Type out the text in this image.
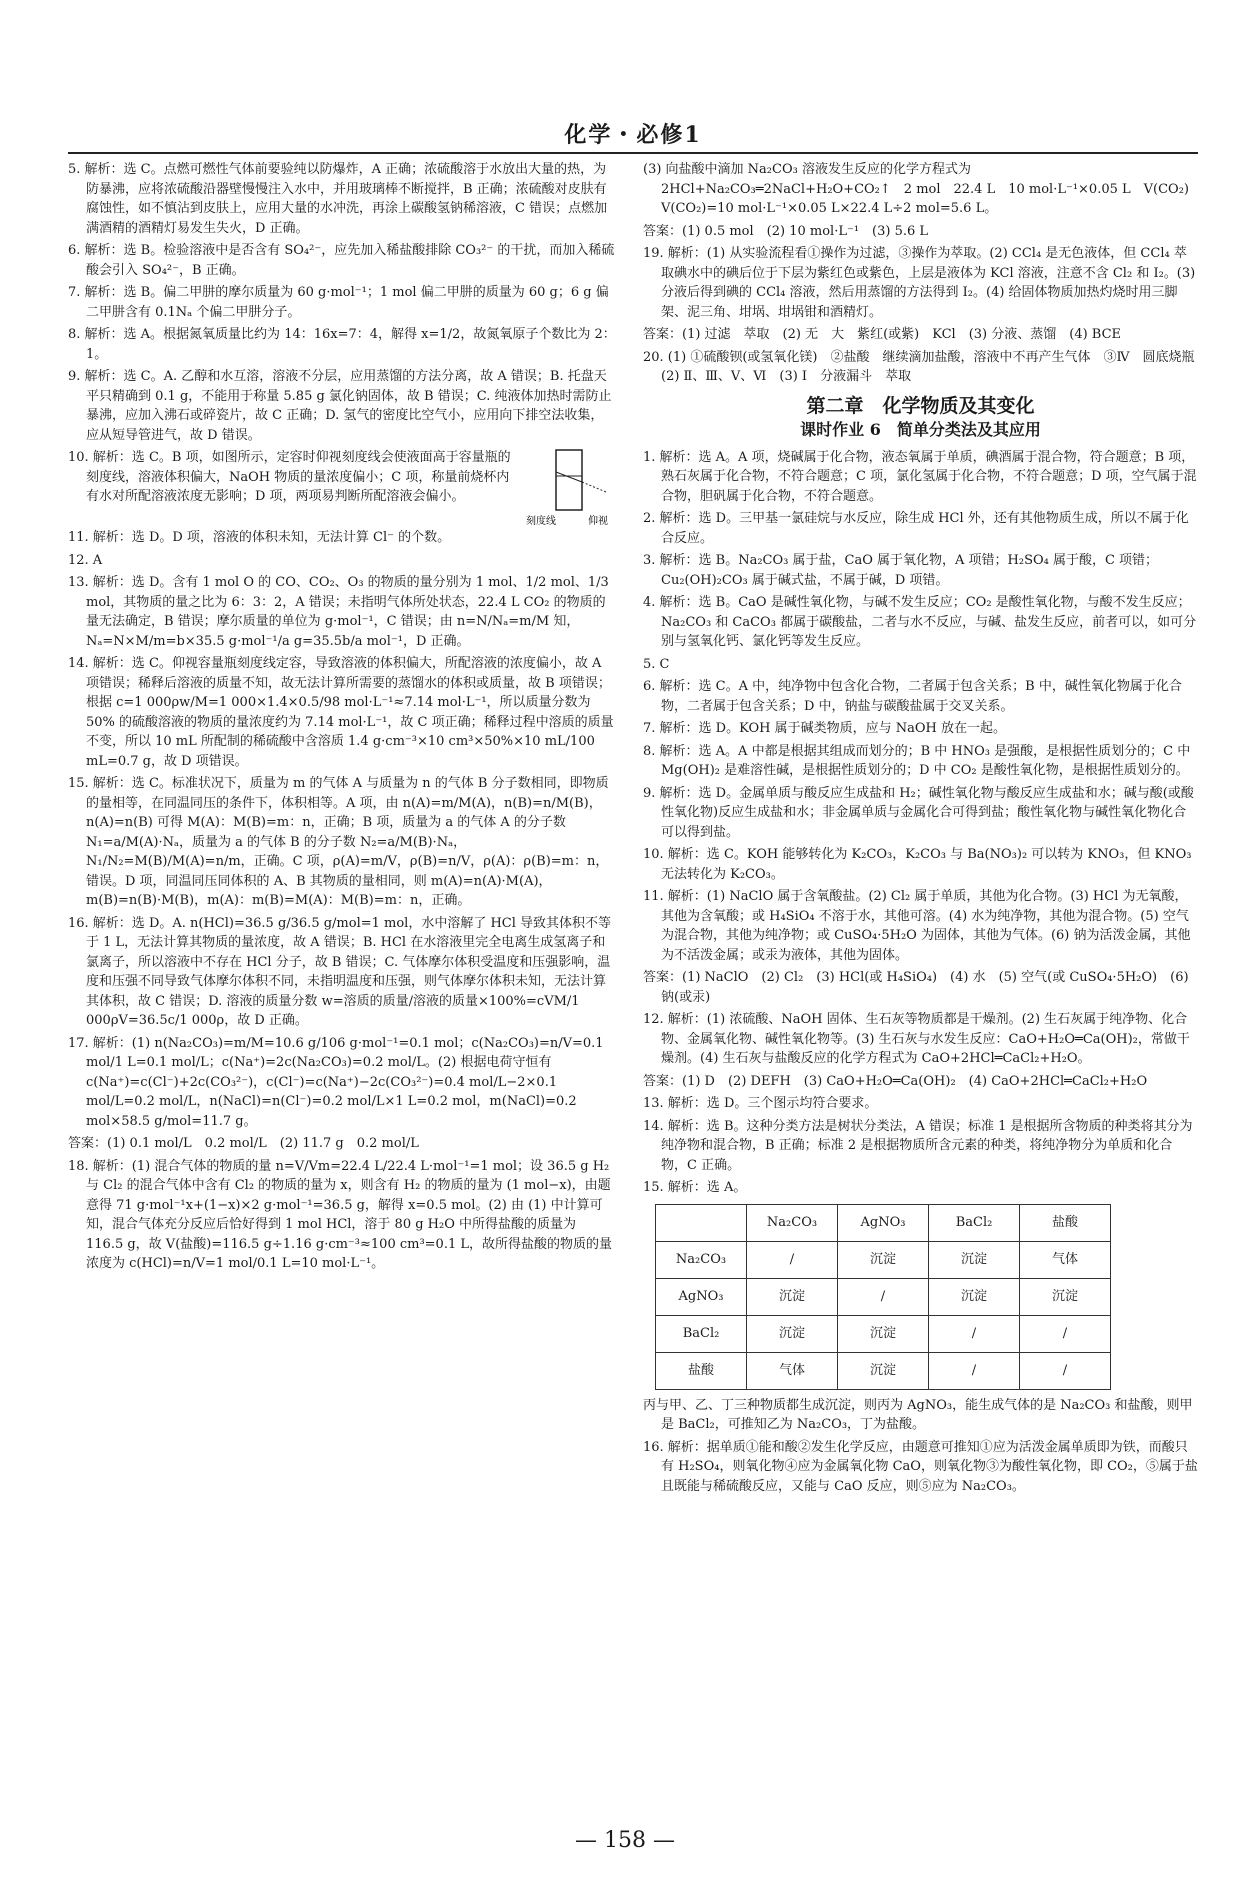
化学・必修1

5. 解析：选 C。点燃可燃性气体前要验纯以防爆炸，A 正确；浓硫酸溶于水放出大量的热，为防暴沸，应将浓硫酸沿器壁慢慢注入水中，并用玻璃棒不断搅拌，B 正确；浓硫酸对皮肤有腐蚀性，如不慎沾到皮肤上，应用大量的水冲洗，再涂上碳酸氢钠稀溶液，C 错误；点燃加满酒精的酒精灯易发生失火，D 正确。

6. 解析：选 B。检验溶液中是否含有 SO₄²⁻，应先加入稀盐酸排除 CO₃²⁻ 的干扰，而加入稀硫酸会引入 SO₄²⁻，B 正确。

7. 解析：选 B。偏二甲肼的摩尔质量为 60 g·mol⁻¹；1 mol 偏二甲肼的质量为 60 g；6 g 偏二甲肼含有 0.1Nₐ 个偏二甲肼分子。

8. 解析：选 A。根据氮氧质量比约为 14：16x=7：4，解得 x=1/2，故氮氧原子个数比为 2：1。

9. 解析：选 C。A. 乙醇和水互溶，溶液不分层，应用蒸馏的方法分离，故 A 错误；B. 托盘天平只精确到 0.1 g，不能用于称量 5.85 g 氯化钠固体，故 B 错误；C. 纯液体加热时需防止暴沸，应加入沸石或碎瓷片，故 C 正确；D. 氢气的密度比空气小，应用向下排空法收集，应从短导管进气，故 D 错误。

10. 解析：选 C。B 项，如图所示，定容时仰视刻度线会使液面高于容量瓶的刻度线，溶液体积偏大，NaOH 物质的量浓度偏小；C 项，称量前烧杯内有水对所配溶液浓度无影响；D 项，两项易判断所配溶液会偏小。

刻度线	仰视

11. 解析：选 D。D 项，溶液的体积未知，无法计算 Cl⁻ 的个数。

12. A

13. 解析：选 D。含有 1 mol O 的 CO、CO₂、O₃ 的物质的量分别为 1 mol、1/2 mol、1/3 mol，其物质的量之比为 6：3：2，A 错误；未指明气体所处状态，22.4 L CO₂ 的物质的量无法确定，B 错误；摩尔质量的单位为 g·mol⁻¹，C 错误；由 n=N/Nₐ=m/M 知，Nₐ=N×M/m=b×35.5 g·mol⁻¹/a g=35.5b/a mol⁻¹，D 正确。

14. 解析：选 C。仰视容量瓶刻度线定容，导致溶液的体积偏大，所配溶液的浓度偏小，故 A 项错误；稀释后溶液的质量不知，故无法计算所需要的蒸馏水的体积或质量，故 B 项错误；根据 c=1 000ρw/M=1 000×1.4×0.5/98 mol·L⁻¹≈7.14 mol·L⁻¹，所以质量分数为 50% 的硫酸溶液的物质的量浓度约为 7.14 mol·L⁻¹，故 C 项正确；稀释过程中溶质的质量不变，所以 10 mL 所配制的稀硫酸中含溶质 1.4 g·cm⁻³×10 cm³×50%×10 mL/100 mL=0.7 g，故 D 项错误。

15. 解析：选 C。标准状况下，质量为 m 的气体 A 与质量为 n 的气体 B 分子数相同，即物质的量相等，在同温同压的条件下，体积相等。A 项，由 n(A)=m/M(A)，n(B)=n/M(B)，n(A)=n(B) 可得 M(A)：M(B)=m：n，正确；B 项，质量为 a 的气体 A 的分子数 N₁=a/M(A)·Nₐ，质量为 a 的气体 B 的分子数 N₂=a/M(B)·Nₐ，N₁/N₂=M(B)/M(A)=n/m，正确。C 项，ρ(A)=m/V，ρ(B)=n/V，ρ(A)：ρ(B)=m：n，错误。D 项，同温同压同体积的 A、B 其物质的量相同，则 m(A)=n(A)·M(A)，m(B)=n(B)·M(B)，m(A)：m(B)=M(A)：M(B)=m：n，正确。

16. 解析：选 D。A. n(HCl)=36.5 g/36.5 g/mol=1 mol，水中溶解了 HCl 导致其体积不等于 1 L，无法计算其物质的量浓度，故 A 错误；B. HCl 在水溶液里完全电离生成氢离子和氯离子，所以溶液中不存在 HCl 分子，故 B 错误；C. 气体摩尔体积受温度和压强影响，温度和压强不同导致气体摩尔体积不同，未指明温度和压强，则气体摩尔体积未知，无法计算其体积，故 C 错误；D. 溶液的质量分数 w=溶质的质量/溶液的质量×100%=cVM/1 000ρV=36.5c/1 000ρ，故 D 正确。

17. 解析：(1) n(Na₂CO₃)=m/M=10.6 g/106 g·mol⁻¹=0.1 mol；c(Na₂CO₃)=n/V=0.1 mol/1 L=0.1 mol/L；c(Na⁺)=2c(Na₂CO₃)=0.2 mol/L。(2) 根据电荷守恒有 c(Na⁺)=c(Cl⁻)+2c(CO₃²⁻)，c(Cl⁻)=c(Na⁺)−2c(CO₃²⁻)=0.4 mol/L−2×0.1 mol/L=0.2 mol/L，n(NaCl)=n(Cl⁻)=0.2 mol/L×1 L=0.2 mol，m(NaCl)=0.2 mol×58.5 g/mol=11.7 g。

答案：(1) 0.1 mol/L　0.2 mol/L　(2) 11.7 g　0.2 mol/L

18. 解析：(1) 混合气体的物质的量 n=V/Vm=22.4 L/22.4 L·mol⁻¹=1 mol；设 36.5 g H₂ 与 Cl₂ 的混合气体中含有 Cl₂ 的物质的量为 x，则含有 H₂ 的物质的量为 (1 mol−x)，由题意得 71 g·mol⁻¹x+(1−x)×2 g·mol⁻¹=36.5 g，解得 x=0.5 mol。(2) 由 (1) 中计算可知，混合气体充分反应后恰好得到 1 mol HCl，溶于 80 g H₂O 中所得盐酸的质量为 116.5 g，故 V(盐酸)=116.5 g÷1.16 g·cm⁻³≈100 cm³=0.1 L，故所得盐酸的物质的量浓度为 c(HCl)=n/V=1 mol/0.1 L=10 mol·L⁻¹。

(3) 向盐酸中滴加 Na₂CO₃ 溶液发生反应的化学方程式为 2HCl+Na₂CO₃═2NaCl+H₂O+CO₂↑　2 mol　22.4 L　10 mol·L⁻¹×0.05 L　V(CO₂)　V(CO₂)=10 mol·L⁻¹×0.05 L×22.4 L÷2 mol=5.6 L。

答案：(1) 0.5 mol　(2) 10 mol·L⁻¹　(3) 5.6 L

19. 解析：(1) 从实验流程看①操作为过滤，③操作为萃取。(2) CCl₄ 是无色液体，但 CCl₄ 萃取碘水中的碘后位于下层为紫红色或紫色，上层是液体为 KCl 溶液，注意不含 Cl₂ 和 I₂。(3) 分液后得到碘的 CCl₄ 溶液，然后用蒸馏的方法得到 I₂。(4) 给固体物质加热灼烧时用三脚架、泥三角、坩埚、坩埚钳和酒精灯。

答案：(1) 过滤　萃取　(2) 无　大　紫红(或紫)　KCl　(3) 分液、蒸馏　(4) BCE

20. (1) ①硫酸钡(或氢氧化镁)　②盐酸　继续滴加盐酸，溶液中不再产生气体　③Ⅳ　圆底烧瓶　(2) Ⅱ、Ⅲ、Ⅴ、Ⅵ　(3) Ⅰ　分液漏斗　萃取

第二章　化学物质及其变化
课时作业 6　简单分类法及其应用

1. 解析：选 A。A 项，烧碱属于化合物，液态氧属于单质，碘酒属于混合物，符合题意；B 项，熟石灰属于化合物，不符合题意；C 项，氯化氢属于化合物，不符合题意；D 项，空气属于混合物，胆矾属于化合物，不符合题意。

2. 解析：选 D。三甲基一氯硅烷与水反应，除生成 HCl 外，还有其他物质生成，所以不属于化合反应。

3. 解析：选 B。Na₂CO₃ 属于盐，CaO 属于氧化物，A 项错；H₂SO₄ 属于酸，C 项错；Cu₂(OH)₂CO₃ 属于碱式盐，不属于碱，D 项错。

4. 解析：选 B。CaO 是碱性氧化物，与碱不发生反应；CO₂ 是酸性氧化物，与酸不发生反应；Na₂CO₃ 和 CaCO₃ 都属于碳酸盐，二者与水不反应，与碱、盐发生反应，前者可以，如可分别与氢氧化钙、氯化钙等发生反应。

5. C

6. 解析：选 C。A 中，纯净物中包含化合物，二者属于包含关系；B 中，碱性氧化物属于化合物，二者属于包含关系；D 中，钠盐与碳酸盐属于交叉关系。

7. 解析：选 D。KOH 属于碱类物质，应与 NaOH 放在一起。

8. 解析：选 A。A 中都是根据其组成而划分的；B 中 HNO₃ 是强酸，是根据性质划分的；C 中 Mg(OH)₂ 是难溶性碱，是根据性质划分的；D 中 CO₂ 是酸性氧化物，是根据性质划分的。

9. 解析：选 D。金属单质与酸反应生成盐和 H₂；碱性氧化物与酸反应生成盐和水；碱与酸(或酸性氧化物)反应生成盐和水；非金属单质与金属化合可得到盐；酸性氧化物与碱性氧化物化合可以得到盐。

10. 解析：选 C。KOH 能够转化为 K₂CO₃，K₂CO₃ 与 Ba(NO₃)₂ 可以转为 KNO₃，但 KNO₃ 无法转化为 K₂CO₃。

11. 解析：(1) NaClO 属于含氧酸盐。(2) Cl₂ 属于单质，其他为化合物。(3) HCl 为无氧酸，其他为含氧酸；或 H₄SiO₄ 不溶于水，其他可溶。(4) 水为纯净物，其他为混合物。(5) 空气为混合物，其他为纯净物；或 CuSO₄·5H₂O 为固体，其他为气体。(6) 钠为活泼金属，其他为不活泼金属；或汞为液体，其他为固体。

答案：(1) NaClO　(2) Cl₂　(3) HCl(或 H₄SiO₄)　(4) 水　(5) 空气(或 CuSO₄·5H₂O)　(6) 钠(或汞)

12. 解析：(1) 浓硫酸、NaOH 固体、生石灰等物质都是干燥剂。(2) 生石灰属于纯净物、化合物、金属氧化物、碱性氧化物等。(3) 生石灰与水发生反应：CaO+H₂O═Ca(OH)₂，常做干燥剂。(4) 生石灰与盐酸反应的化学方程式为 CaO+2HCl═CaCl₂+H₂O。

答案：(1) D　(2) DEFH　(3) CaO+H₂O═Ca(OH)₂　(4) CaO+2HCl═CaCl₂+H₂O

13. 解析：选 D。三个图示均符合要求。

14. 解析：选 B。这种分类方法是树状分类法，A 错误；标准 1 是根据所含物质的种类将其分为纯净物和混合物，B 正确；标准 2 是根据物质所含元素的种类，将纯净物分为单质和化合物，C 正确。

15. 解析：选 A。

	Na₂CO₃	AgNO₃	BaCl₂	盐酸
Na₂CO₃	/	沉淀	沉淀	气体
AgNO₃	沉淀	/	沉淀	沉淀
BaCl₂	沉淀	沉淀	/	/
盐酸	气体	沉淀	/	/

丙与甲、乙、丁三种物质都生成沉淀，则丙为 AgNO₃，能生成气体的是 Na₂CO₃ 和盐酸，则甲是 BaCl₂，可推知乙为 Na₂CO₃，丁为盐酸。

16. 解析：据单质①能和酸②发生化学反应，由题意可推知①应为活泼金属单质即为铁，而酸只有 H₂SO₄，则氧化物④应为金属氧化物 CaO，则氧化物③为酸性氧化物，即 CO₂，⑤属于盐且既能与稀硫酸反应，又能与 CaO 反应，则⑤应为 Na₂CO₃。

— 158 —
